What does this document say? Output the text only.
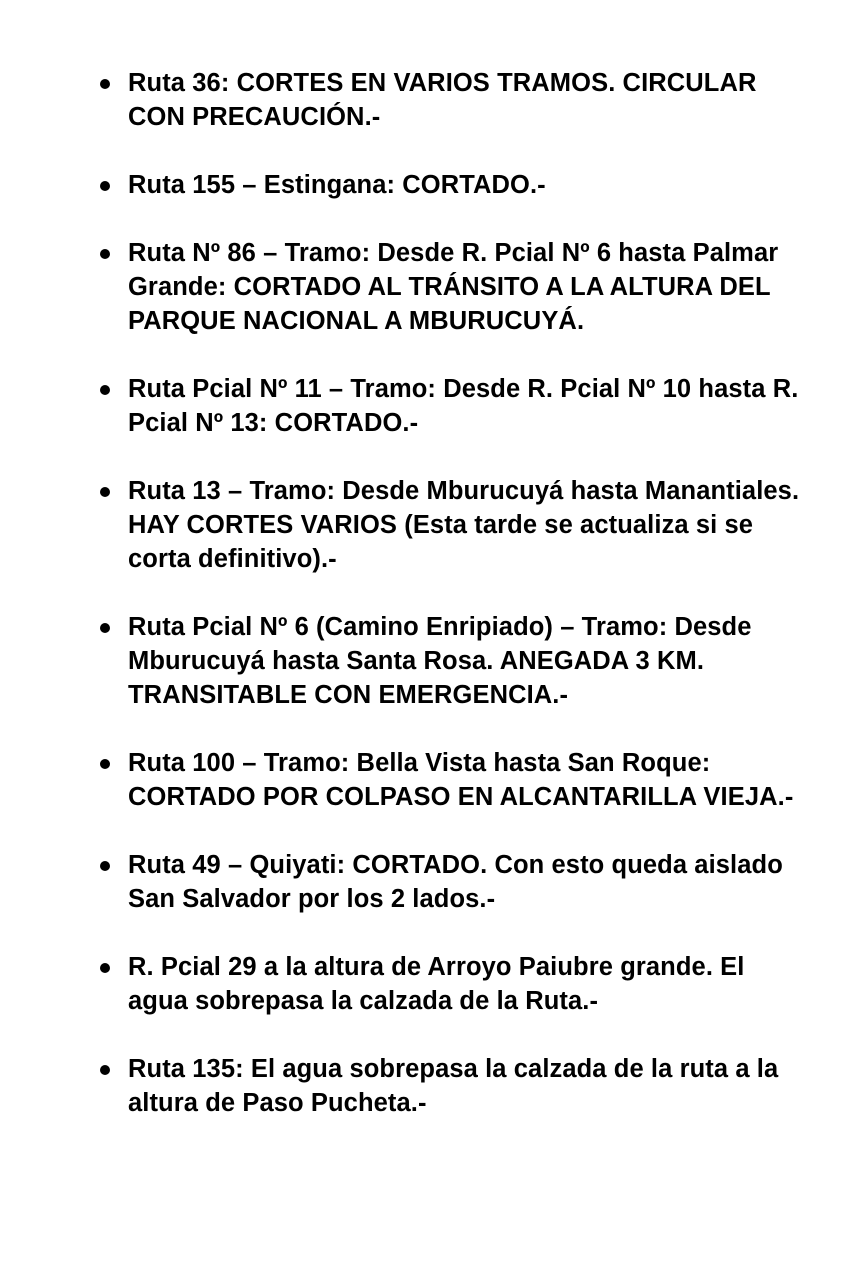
Ruta 36: CORTES EN VARIOS TRAMOS. CIRCULAR CON PRECAUCIÓN.-
Ruta 155 – Estingana: CORTADO.-
Ruta Nº 86 – Tramo: Desde R. Pcial Nº 6 hasta Palmar Grande: CORTADO AL TRÁNSITO A LA ALTURA DEL PARQUE NACIONAL A MBURUCUYÁ.
Ruta Pcial Nº 11 – Tramo: Desde R. Pcial Nº 10 hasta R. Pcial Nº 13: CORTADO.-
Ruta 13 – Tramo: Desde Mburucuyá hasta Manantiales. HAY CORTES VARIOS (Esta tarde se actualiza si se corta definitivo).-
Ruta Pcial Nº 6 (Camino Enripiado) – Tramo: Desde Mburucuyá hasta Santa Rosa. ANEGADA 3 KM. TRANSITABLE CON EMERGENCIA.-
Ruta 100 – Tramo: Bella Vista hasta San Roque: CORTADO POR COLPASO EN ALCANTARILLA VIEJA.-
Ruta 49 – Quiyati: CORTADO. Con esto queda aislado San Salvador por los 2 lados.-
R. Pcial 29 a la altura de Arroyo Paiubre grande. El agua sobrepasa la calzada de la Ruta.-
Ruta 135: El agua sobrepasa la calzada de la ruta a la altura de Paso Pucheta.-
